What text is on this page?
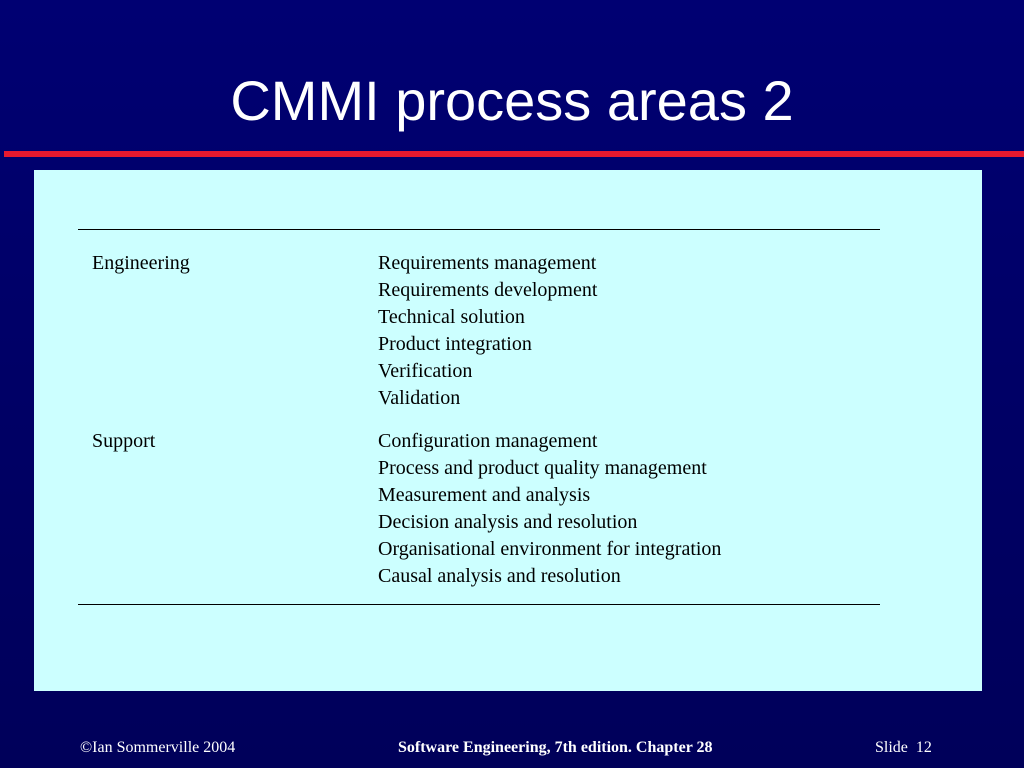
CMMI process areas 2
Engineering	Requirements management
Requirements development
Technical solution
Product integration
Verification
Validation
Support	Configuration management
Process and product quality management
Measurement and analysis
Decision analysis and resolution
Organisational environment for integration
Causal analysis and resolution
©Ian Sommerville 2004	Software Engineering, 7th edition. Chapter 28	Slide 12
